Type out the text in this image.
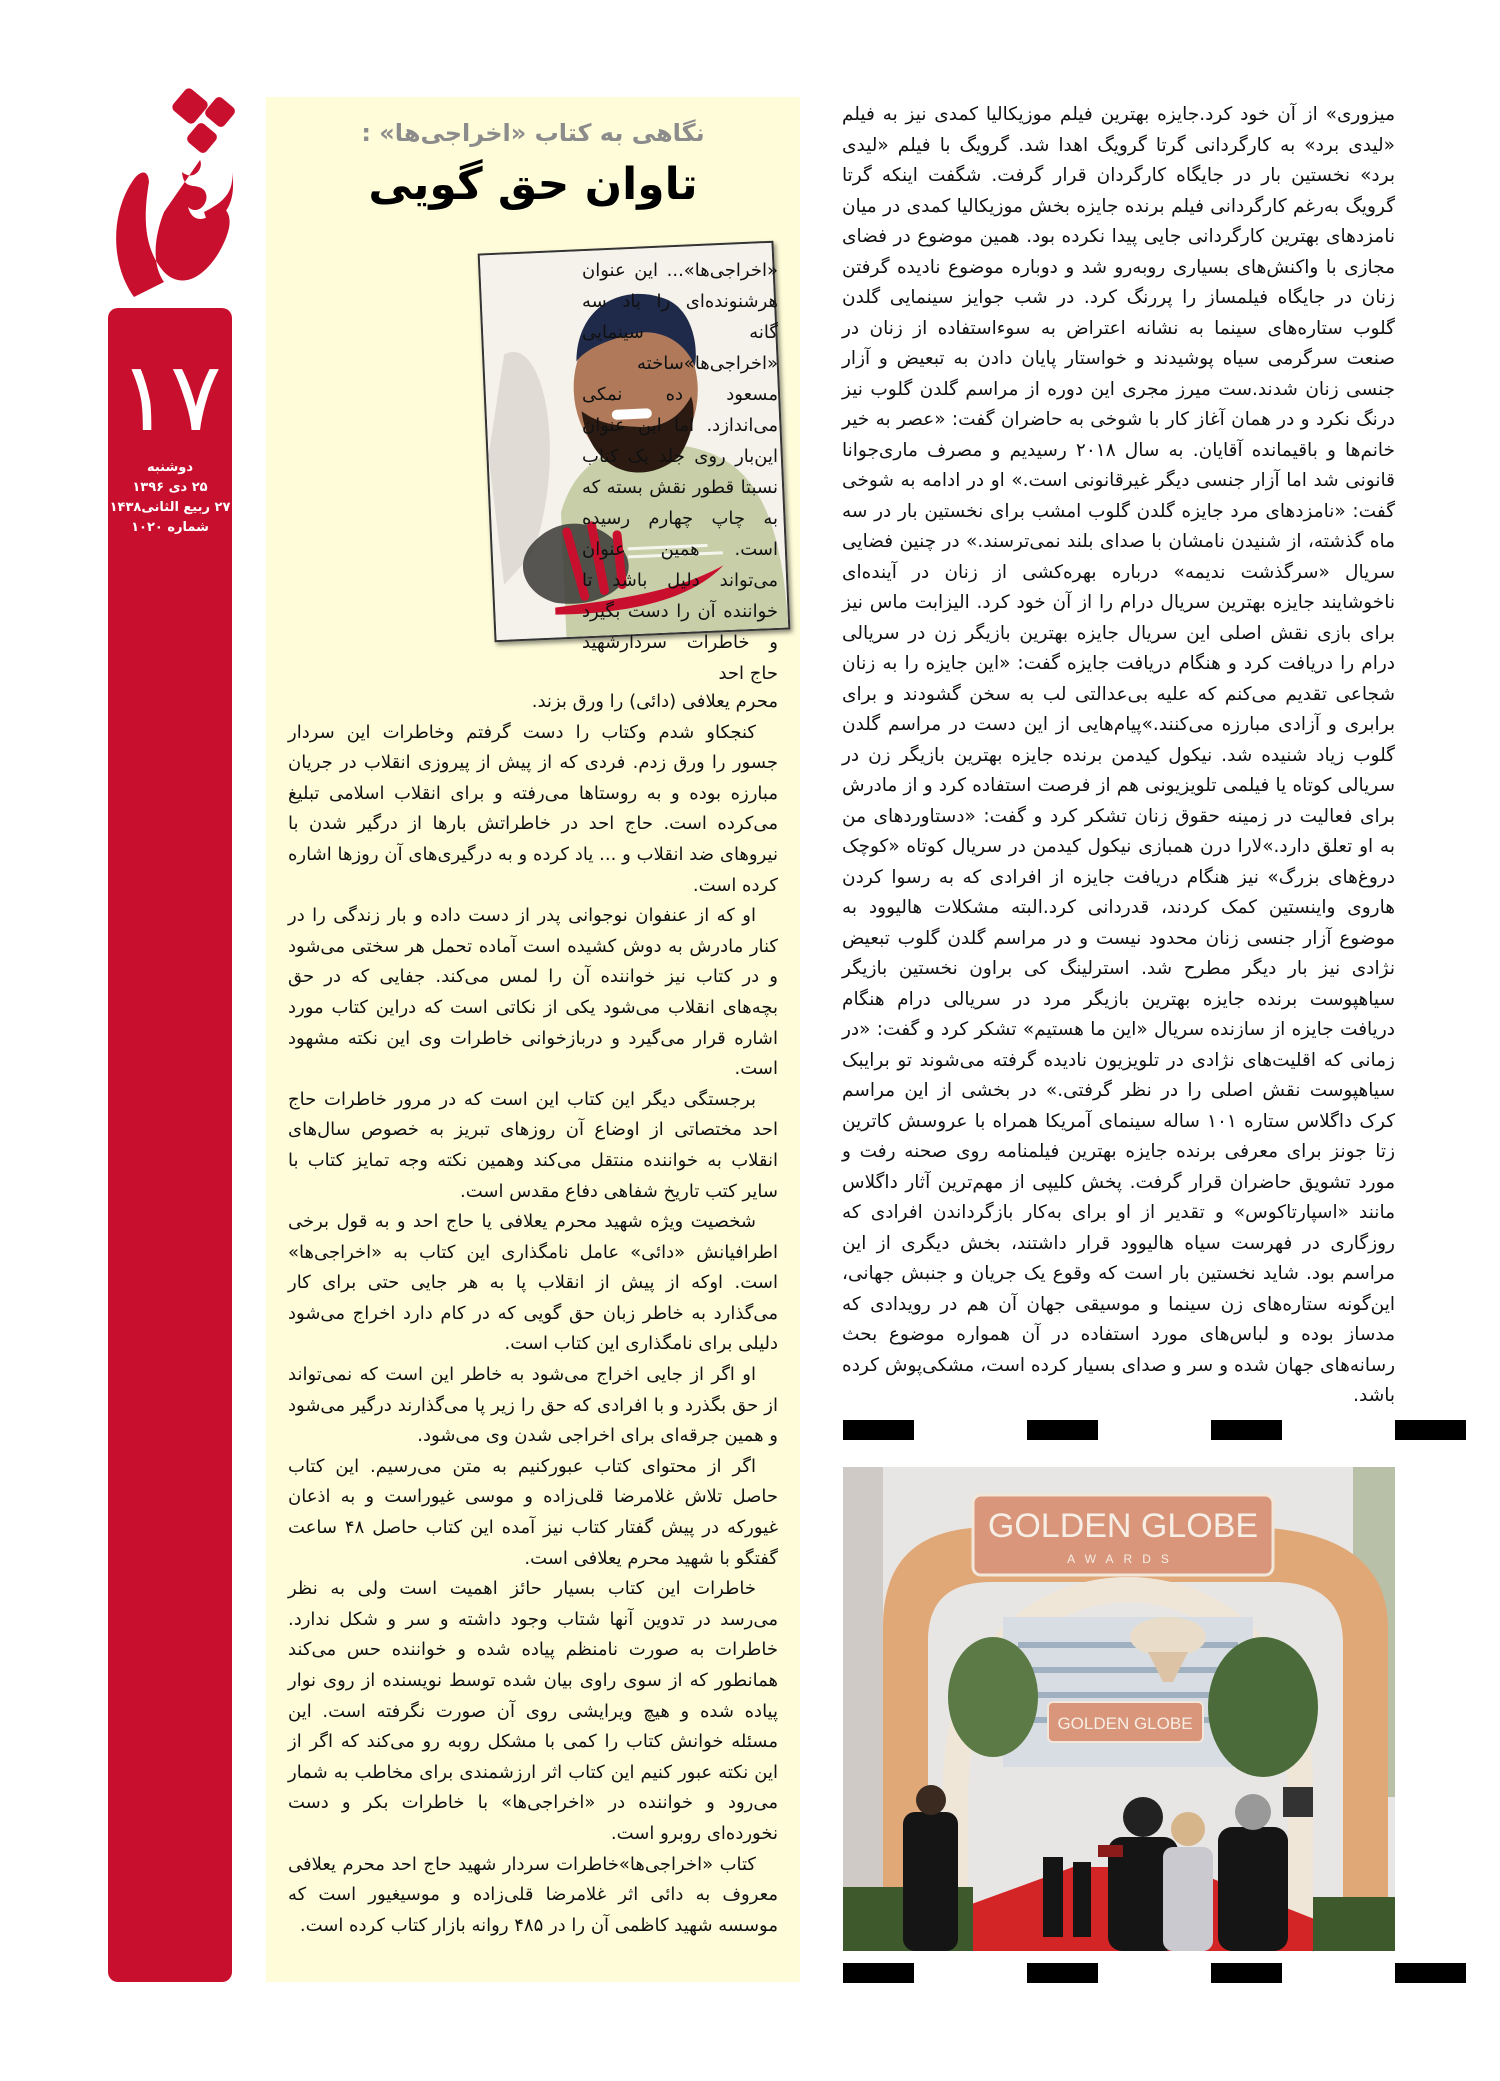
۱۷
دوشنبه
۲۵ دی ۱۳۹۶
۲۷ ربیع الثانی۱۴۳۸
شماره ۱۰۲۰
نگاهی به کتاب «اخراجی‌ها» :
تاوان حق گویی
«اخراجی‌ها»... این عنوان هرشنونده‌ای را یاد سه گانه سینمایی «اخراجی‌ها»ساخته مسعود ده نمکی می‌اندازد. اما این عنوان این‌بار روی جلد یک کتاب نسبتا قطور نقش بسته که به چاپ چهارم رسیده است. همین عنوان می‌تواند دلیل باشد تا خواننده آن را دست بگیرد و خاطرات سردارشهید حاج احد

محرم یعلافی (دائی) را ورق بزند.

کنجکاو شدم وکتاب را دست گرفتم وخاطرات این سردار جسور را ورق زدم. فردی که از پیش از پیروزی انقلاب در جریان مبارزه بوده و به روستاها می‌رفته و برای انقلاب اسلامی تبلیغ می‌کرده است. حاج احد در خاطراتش بارها از درگیر شدن با نیروهای ضد انقلاب و ... یاد کرده و به درگیری‌های آن روزها اشاره کرده است.

او که از عنفوان نوجوانی پدر از دست داده و بار زندگی را در کنار مادرش به دوش کشیده است آماده تحمل هر سختی می‌شود و در کتاب نیز خواننده آن را لمس می‌کند. جفایی که در حق بچه‌های انقلاب می‌شود یکی از نکاتی است که دراین کتاب مورد اشاره قرار می‌گیرد و دربازخوانی خاطرات وی این نکته مشهود است.

برجستگی دیگر این کتاب این است که در مرور خاطرات حاج احد مختصاتی از اوضاع آن روزهای تبریز به خصوص سال‌های انقلاب به خواننده منتقل می‌کند وهمین نکته وجه تمایز کتاب با سایر کتب تاریخ شفاهی دفاع مقدس است.

شخصیت ویژه شهید محرم یعلافی یا حاج احد و به قول برخی اطرافیانش «دائی» عامل نامگذاری این کتاب به «اخراجی‌ها» است. اوکه از پیش از انقلاب پا به هر جایی حتی برای کار می‌گذارد به خاطر زبان حق گویی که در کام دارد اخراج می‌شود دلیلی برای نامگذاری این کتاب است.

او اگر از جایی اخراج می‌شود به خاطر این است که نمی‌تواند از حق بگذرد و با افرادی که حق را زیر پا می‌گذارند درگیر می‌شود و همین جرقه‌ای برای اخراجی شدن وی می‌شود.

اگر از محتوای کتاب عبورکنیم به متن می‌رسیم. این کتاب حاصل تلاش غلامرضا قلی‌زاده و موسی غیوراست و به اذعان غیورکه در پیش گفتار کتاب نیز آمده این کتاب حاصل ۴۸ ساعت گفتگو با شهید محرم یعلافی است.

خاطرات این کتاب بسیار حائز اهمیت است ولی به نظر می‌رسد در تدوین آنها شتاب وجود داشته و سر و شکل ندارد. خاطرات به صورت نامنظم پیاده شده و خواننده حس می‌کند همانطور که از سوی راوی بیان شده توسط نویسنده از روی نوار پیاده شده و هیچ ویرایشی روی آن صورت نگرفته است. این مسئله خوانش کتاب را کمی با مشکل روبه رو می‌کند که اگر از این نکته عبور کنیم این کتاب اثر ارزشمندی برای مخاطب به شمار می‌رود و خواننده در «اخراجی‌ها» با خاطرات بکر و دست نخورده‌ای روبرو است.

کتاب «اخراجی‌ها»خاطرات سردار شهید حاج احد محرم یعلافی معروف به دائی اثر غلامرضا قلی‌زاده و موسیغیور است که موسسه شهید کاظمی آن را در ۴۸۵ روانه بازار کتاب کرده است.

میزوری» از آن خود کرد.جایزه بهترین فیلم موزیکالیا کمدی نیز به فیلم «لیدی برد» به کارگردانی گرتا گرویگ اهدا شد. گرویگ با فیلم «لیدی برد» نخستین بار در جایگاه کارگردان قرار گرفت. شگفت اینکه گرتا گرویگ به‌رغم کارگردانی فیلم برنده جایزه بخش موزیکالیا کمدی در میان نامزدهای بهترین کارگردانی جایی پیدا نکرده بود. همین موضوع در فضای مجازی با واکنش‌های بسیاری روبه‌رو شد و دوباره موضوع نادیده گرفتن زنان در جایگاه فیلمساز را پررنگ کرد. در شب جوایز سینمایی گلدن گلوب ستاره‌های سینما به نشانه اعتراض به سوءاستفاده از زنان در صنعت سرگرمی سیاه پوشیدند و خواستار پایان دادن به تبعیض و آزار جنسی زنان شدند.ست میرز مجری این دوره از مراسم گلدن گلوب نیز درنگ نکرد و در همان آغاز کار با شوخی به حاضران گفت: «عصر به خیر خانم‌ها و باقیمانده آقایان. به سال ۲۰۱۸ رسیدیم و مصرف ماری‌جوانا قانونی شد اما آزار جنسی دیگر غیرقانونی است.» او در ادامه به شوخی گفت: «نامزدهای مرد جایزه گلدن گلوب امشب برای نخستین بار در سه ماه گذشته، از شنیدن نامشان با صدای بلند نمی‌ترسند.» در چنین فضایی سریال «سرگذشت ندیمه» درباره بهره‌کشی از زنان در آینده‌ای ناخوشایند جایزه بهترین سریال درام را از آن خود کرد. الیزابت ماس نیز برای بازی نقش اصلی این سریال جایزه بهترین بازیگر زن در سریالی درام را دریافت کرد و هنگام دریافت جایزه گفت: «این جایزه را به زنان شجاعی تقدیم می‌کنم که علیه بی‌عدالتی لب به سخن گشودند و برای برابری و آزادی مبارزه می‌کنند.»پیام‌هایی از این دست در مراسم گلدن گلوب زیاد شنیده شد. نیکول کیدمن برنده جایزه بهترین بازیگر زن در سریالی کوتاه یا فیلمی تلویزیونی هم از فرصت استفاده کرد و از مادرش برای فعالیت در زمینه حقوق زنان تشکر کرد و گفت: «دستاوردهای من به او تعلق دارد.»لارا درن همبازی نیکول کیدمن در سریال کوتاه «کوچک دروغ‌های بزرگ» نیز هنگام دریافت جایزه از افرادی که به رسوا کردن هاروی واینستین کمک کردند، قدردانی کرد.البته مشکلات هالیوود به موضوع آزار جنسی زنان محدود نیست و در مراسم گلدن گلوب تبعیض نژادی نیز بار دیگر مطرح شد. استرلینگ کی براون نخستین بازیگر سیاهپوست برنده جایزه بهترین بازیگر مرد در سریالی درام هنگام دریافت جایزه از سازنده سریال «این ما هستیم» تشکر کرد و گفت: «در زمانی که اقلیت‌های نژادی در تلویزیون نادیده گرفته می‌شوند تو برایبک سیاهپوست نقش اصلی را در نظر گرفتی.» در بخشی از این مراسم کرک داگلاس ستاره ۱۰۱ ساله سینمای آمریکا همراه با عروسش کاترین زتا جونز برای معرفی برنده جایزه بهترین فیلمنامه روی صحنه رفت و مورد تشویق حاضران قرار گرفت. پخش کلیپی از مهم‌ترین آثار داگلاس مانند «اسپارتاکوس» و تقدیر از او برای به‌کار بازگرداندن افرادی که روزگاری در فهرست سیاه هالیوود قرار داشتند، بخش دیگری از این مراسم بود. شاید نخستین بار است که وقوع یک جریان و جنبش جهانی، این‌گونه ستاره‌های زن سینما و موسیقی جهان آن هم در رویدادی که مدساز بوده و لباس‌های مورد استفاده در آن همواره موضوع بحث رسانه‌های جهان شده و سر و صدای بسیار کرده است، مشکی‌پوش کرده باشد.

GOLDEN GLOBE
AWARDS
GOLDEN GLOBE
